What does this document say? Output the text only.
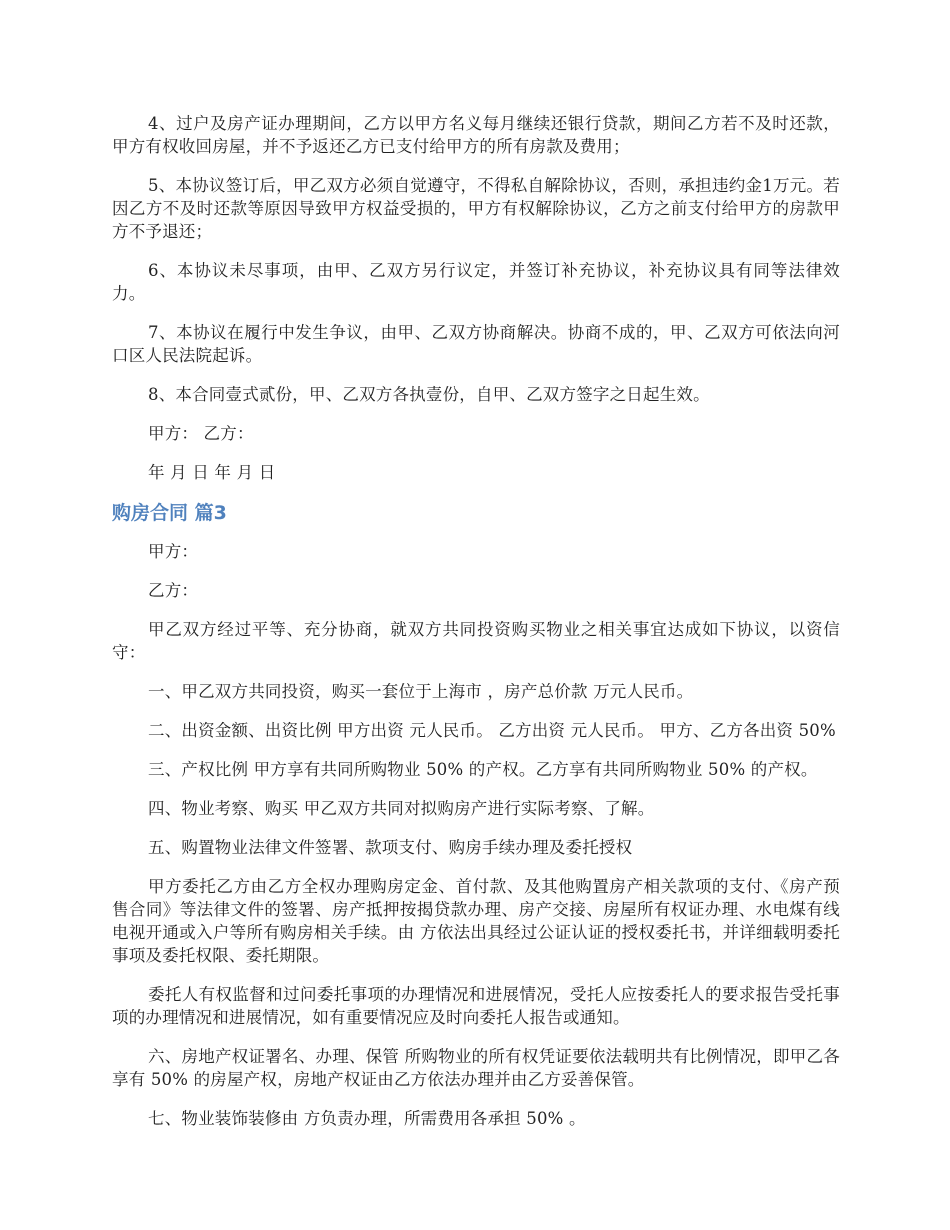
4、过户及房产证办理期间，乙方以甲方名义每月继续还银行贷款，期间乙方若不及时还款，甲方有权收回房屋，并不予返还乙方已支付给甲方的所有房款及费用；

5、本协议签订后，甲乙双方必须自觉遵守，不得私自解除协议，否则，承担违约金1万元。若因乙方不及时还款等原因导致甲方权益受损的，甲方有权解除协议，乙方之前支付给甲方的房款甲方不予退还；

6、本协议未尽事项，由甲、乙双方另行议定，并签订补充协议，补充协议具有同等法律效力。

7、本协议在履行中发生争议，由甲、乙双方协商解决。协商不成的，甲、乙双方可依法向河口区人民法院起诉。

8、本合同壹式贰份，甲、乙双方各执壹份，自甲、乙双方签字之日起生效。

甲方： 乙方：

年 月 日 年 月 日

购房合同 篇3

甲方：

乙方：

甲乙双方经过平等、充分协商，就双方共同投资购买物业之相关事宜达成如下协议，以资信守：

一、甲乙双方共同投资，购买一套位于上海市 ，房产总价款 万元人民币。

二、出资金额、出资比例 甲方出资 元人民币。 乙方出资 元人民币。 甲方、乙方各出资 50%

三、产权比例 甲方享有共同所购物业 50% 的产权。乙方享有共同所购物业 50% 的产权。

四、物业考察、购买 甲乙双方共同对拟购房产进行实际考察、了解。

五、购置物业法律文件签署、款项支付、购房手续办理及委托授权

甲方委托乙方由乙方全权办理购房定金、首付款、及其他购置房产相关款项的支付、《房产预售合同》等法律文件的签署、房产抵押按揭贷款办理、房产交接、房屋所有权证办理、水电煤有线电视开通或入户等所有购房相关手续。由 方依法出具经过公证认证的授权委托书，并详细载明委托事项及委托权限、委托期限。

委托人有权监督和过问委托事项的办理情况和进展情况，受托人应按委托人的要求报告受托事项的办理情况和进展情况，如有重要情况应及时向委托人报告或通知。

六、房地产权证署名、办理、保管 所购物业的所有权凭证要依法载明共有比例情况，即甲乙各享有 50% 的房屋产权，房地产权证由乙方依法办理并由乙方妥善保管。

七、物业装饰装修由 方负责办理，所需费用各承担 50% 。
